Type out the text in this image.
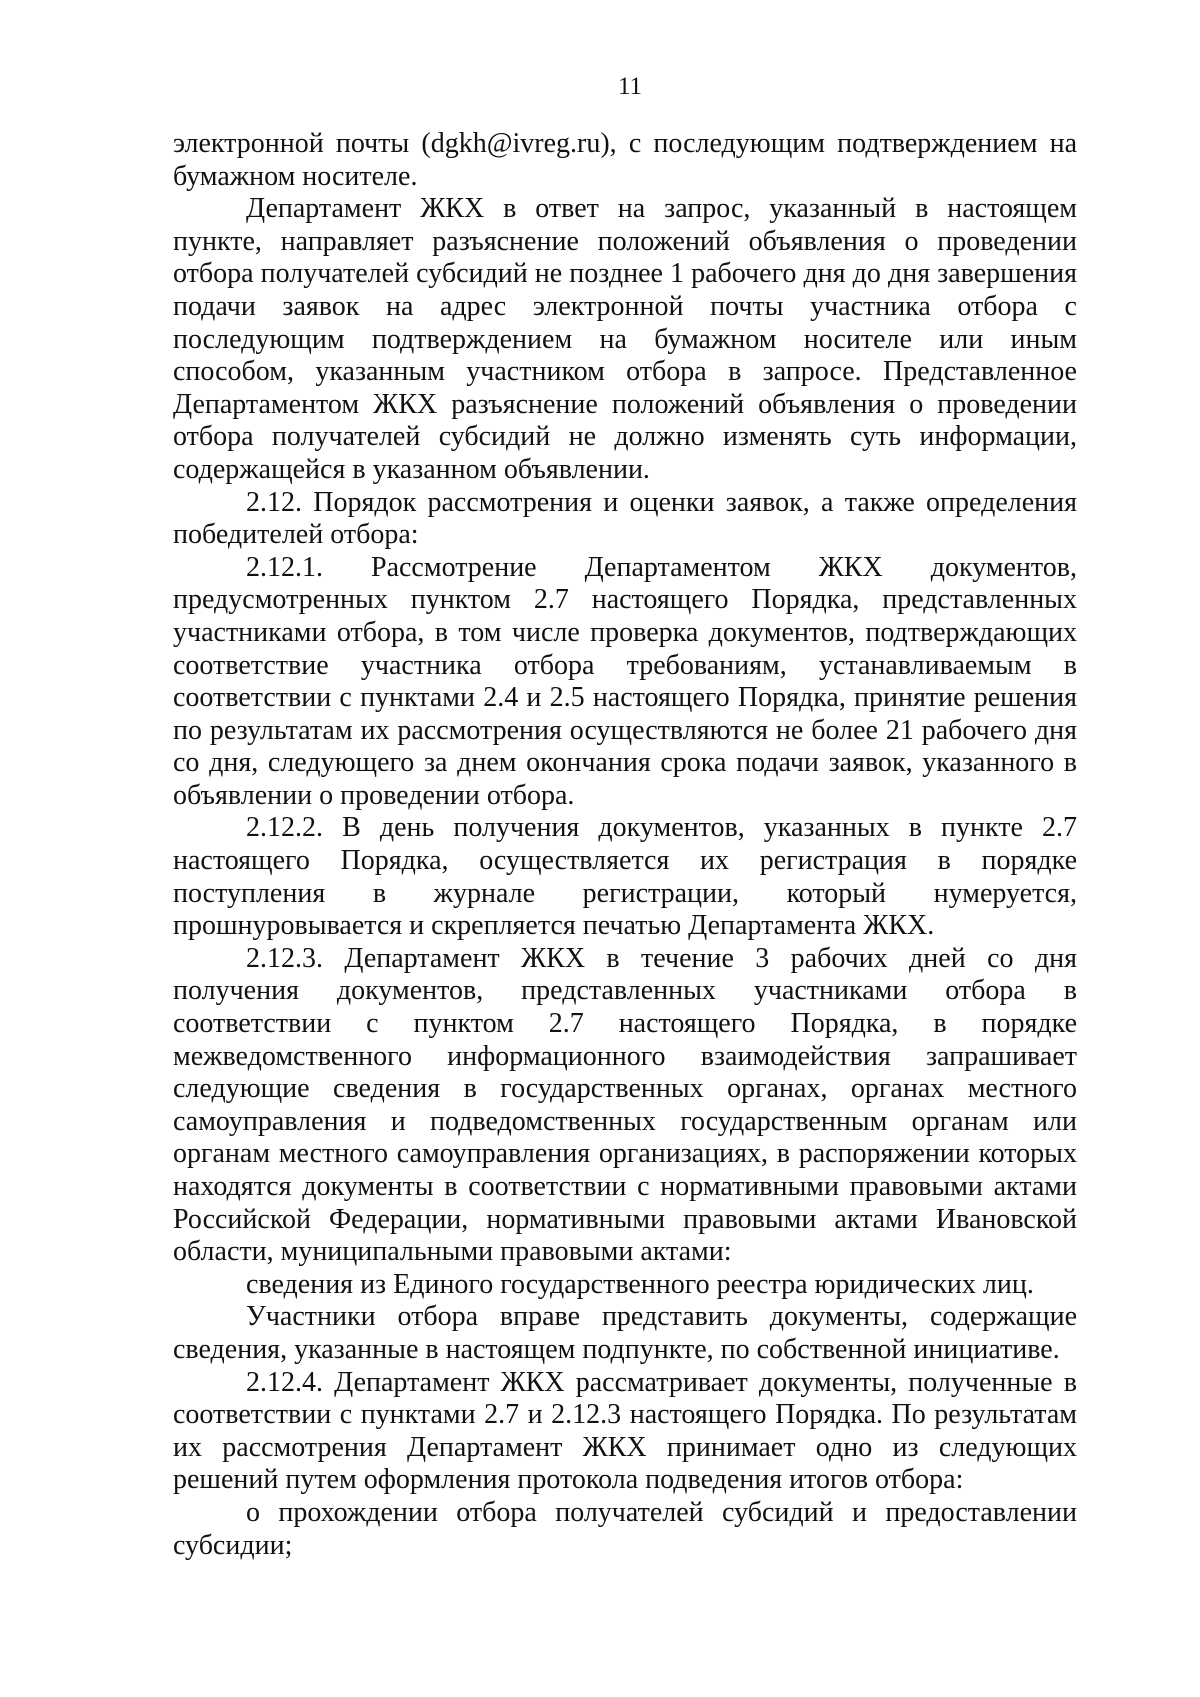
11

электронной почты (dgkh@ivreg.ru), с последующим подтверждением на бумажном носителе.

Департамент ЖКХ в ответ на запрос, указанный в настоящем пункте, направляет разъяснение положений объявления о проведении отбора получателей субсидий не позднее 1 рабочего дня до дня завершения подачи заявок на адрес электронной почты участника отбора с последующим подтверждением на бумажном носителе или иным способом, указанным участником отбора в запросе. Представленное Департаментом ЖКХ разъяснение положений объявления о проведении отбора получателей субсидий не должно изменять суть информации, содержащейся в указанном объявлении.

2.12. Порядок рассмотрения и оценки заявок, а также определения победителей отбора:

2.12.1. Рассмотрение Департаментом ЖКХ документов, предусмотренных пунктом 2.7 настоящего Порядка, представленных участниками отбора, в том числе проверка документов, подтверждающих соответствие участника отбора требованиям, устанавливаемым в соответствии с пунктами 2.4 и 2.5 настоящего Порядка, принятие решения по результатам их рассмотрения осуществляются не более 21 рабочего дня со дня, следующего за днем окончания срока подачи заявок, указанного в объявлении о проведении отбора.

2.12.2. В день получения документов, указанных в пункте 2.7 настоящего Порядка, осуществляется их регистрация в порядке поступления в журнале регистрации, который нумеруется, прошнуровывается и скрепляется печатью Департамента ЖКХ.

2.12.3. Департамент ЖКХ в течение 3 рабочих дней со дня получения документов, представленных участниками отбора в соответствии с пунктом 2.7 настоящего Порядка, в порядке межведомственного информационного взаимодействия запрашивает следующие сведения в государственных органах, органах местного самоуправления и подведомственных государственным органам или органам местного самоуправления организациях, в распоряжении которых находятся документы в соответствии с нормативными правовыми актами Российской Федерации, нормативными правовыми актами Ивановской области, муниципальными правовыми актами:

сведения из Единого государственного реестра юридических лиц.

Участники отбора вправе представить документы, содержащие сведения, указанные в настоящем подпункте, по собственной инициативе.

2.12.4. Департамент ЖКХ рассматривает документы, полученные в соответствии с пунктами 2.7 и 2.12.3 настоящего Порядка. По результатам их рассмотрения Департамент ЖКХ принимает одно из следующих решений путем оформления протокола подведения итогов отбора:

о прохождении отбора получателей субсидий и предоставлении субсидии;
